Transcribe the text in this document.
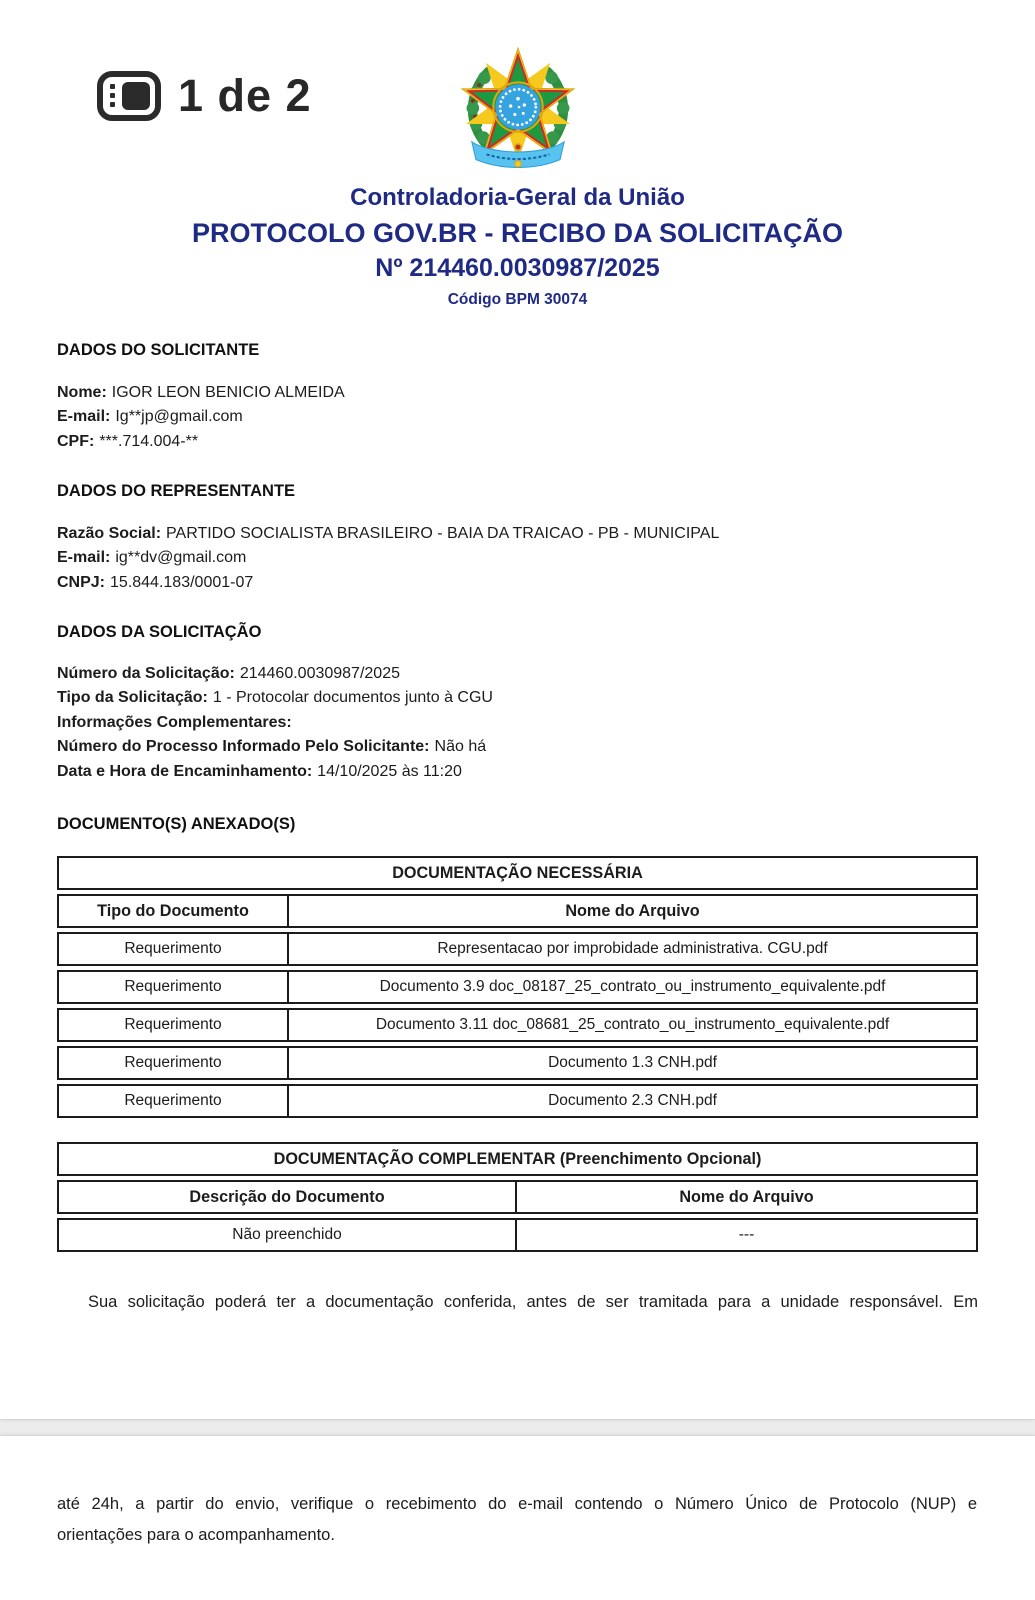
1 de 2
Controladoria-Geral da União
PROTOCOLO GOV.BR - RECIBO DA SOLICITAÇÃO
Nº 214460.0030987/2025
Código BPM 30074
DADOS DO SOLICITANTE
Nome: IGOR LEON BENICIO ALMEIDA
E-mail: Ig**jp@gmail.com
CPF: ***.714.004-**
DADOS DO REPRESENTANTE
Razão Social: PARTIDO SOCIALISTA BRASILEIRO - BAIA DA TRAICAO - PB - MUNICIPAL
E-mail: ig**dv@gmail.com
CNPJ: 15.844.183/0001-07
DADOS DA SOLICITAÇÃO
Número da Solicitação: 214460.0030987/2025
Tipo da Solicitação: 1 - Protocolar documentos junto à CGU
Informações Complementares:
Número do Processo Informado Pelo Solicitante: Não há
Data e Hora de Encaminhamento: 14/10/2025 às 11:20
DOCUMENTO(S) ANEXADO(S)
DOCUMENTAÇÃO NECESSÁRIA
Tipo do Documento	Nome do Arquivo
Requerimento	Representacao por improbidade administrativa. CGU.pdf
Requerimento	Documento 3.9 doc_08187_25_contrato_ou_instrumento_equivalente.pdf
Requerimento	Documento 3.11 doc_08681_25_contrato_ou_instrumento_equivalente.pdf
Requerimento	Documento 1.3 CNH.pdf
Requerimento	Documento 2.3 CNH.pdf
DOCUMENTAÇÃO COMPLEMENTAR (Preenchimento Opcional)
Descrição do Documento	Nome do Arquivo
Não preenchido	---
Sua solicitação poderá ter a documentação conferida, antes de ser tramitada para a unidade responsável. Em
até 24h, a partir do envio, verifique o recebimento do e-mail contendo o Número Único de Protocolo (NUP) e
orientações para o acompanhamento.
